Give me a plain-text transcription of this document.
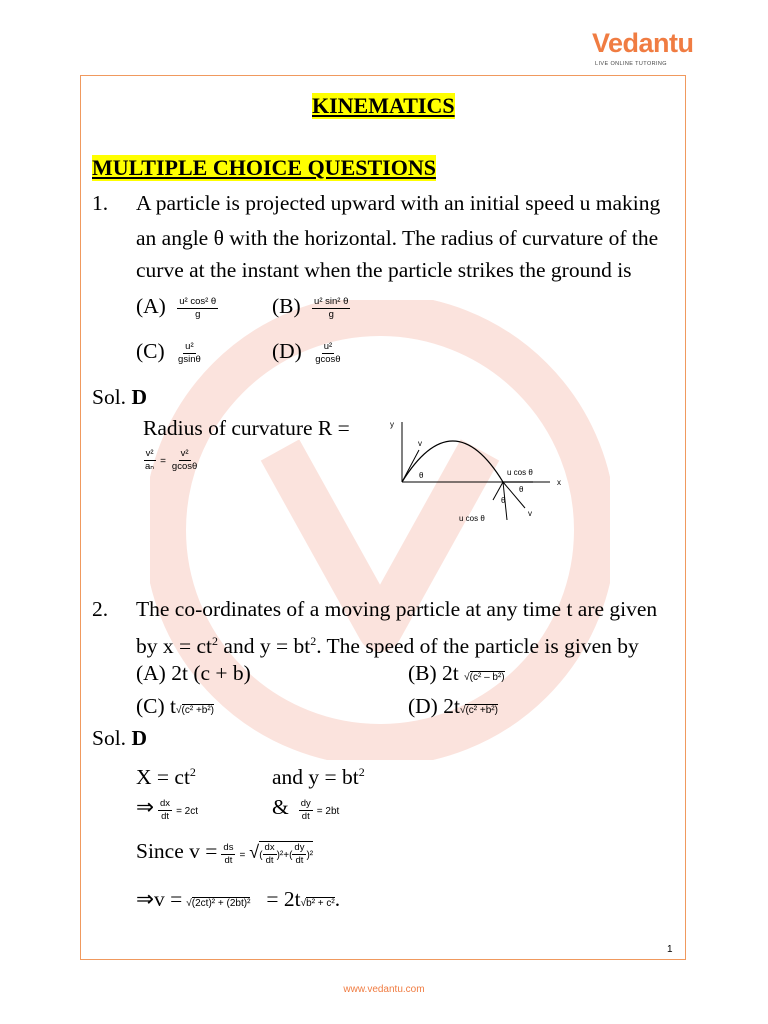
Vedantu
LIVE ONLINE TUTORING
KINEMATICS
MULTIPLE CHOICE QUESTIONS
1. A particle is projected upward with an initial speed u making
an angle θ with the horizontal. The radius of curvature of the
curve at the instant when the particle strikes the ground is
$(A) \frac{\text{u² cos² θ}}{g}$	$(B) \frac{\text{u² sin² θ}}{g}$
$(C) \frac{\text{u²}}{gsin\theta}$	$(D) \frac{\text{u²}}{gcos\theta}$
Sol. D
Radius of curvature R =
$\frac{\text{v²}}{\text{aₙ}} = \frac{\text{v²}}{gcos\theta}$
y
x
v
θ	u cos θ
θ
θ
v
u cos θ
2. The co-ordinates of a moving particle at any time t are given
by $x = ct^2$ and $y = bt^2$. The speed of the particle is given by
(A) 2t (c + b)	(B) 2t √(c² – b²)
(C) t√(c² +b²)	(D) 2t√(c² +b²)
Sol. D
$X = ct^2$	and $y = bt^2$
⇒ $\frac{dx}{dt} = 2ct$	& $\frac{dy}{dt} = 2bt$
Since $v = \frac{ds}{dt}$ = √( $\frac{dx}{dt} )^2+( \frac{dy}{dt} )^2$
⇒v = √(2ct)² + (2bt)² = 2t√b² + c².
1
www.vedantu.com
